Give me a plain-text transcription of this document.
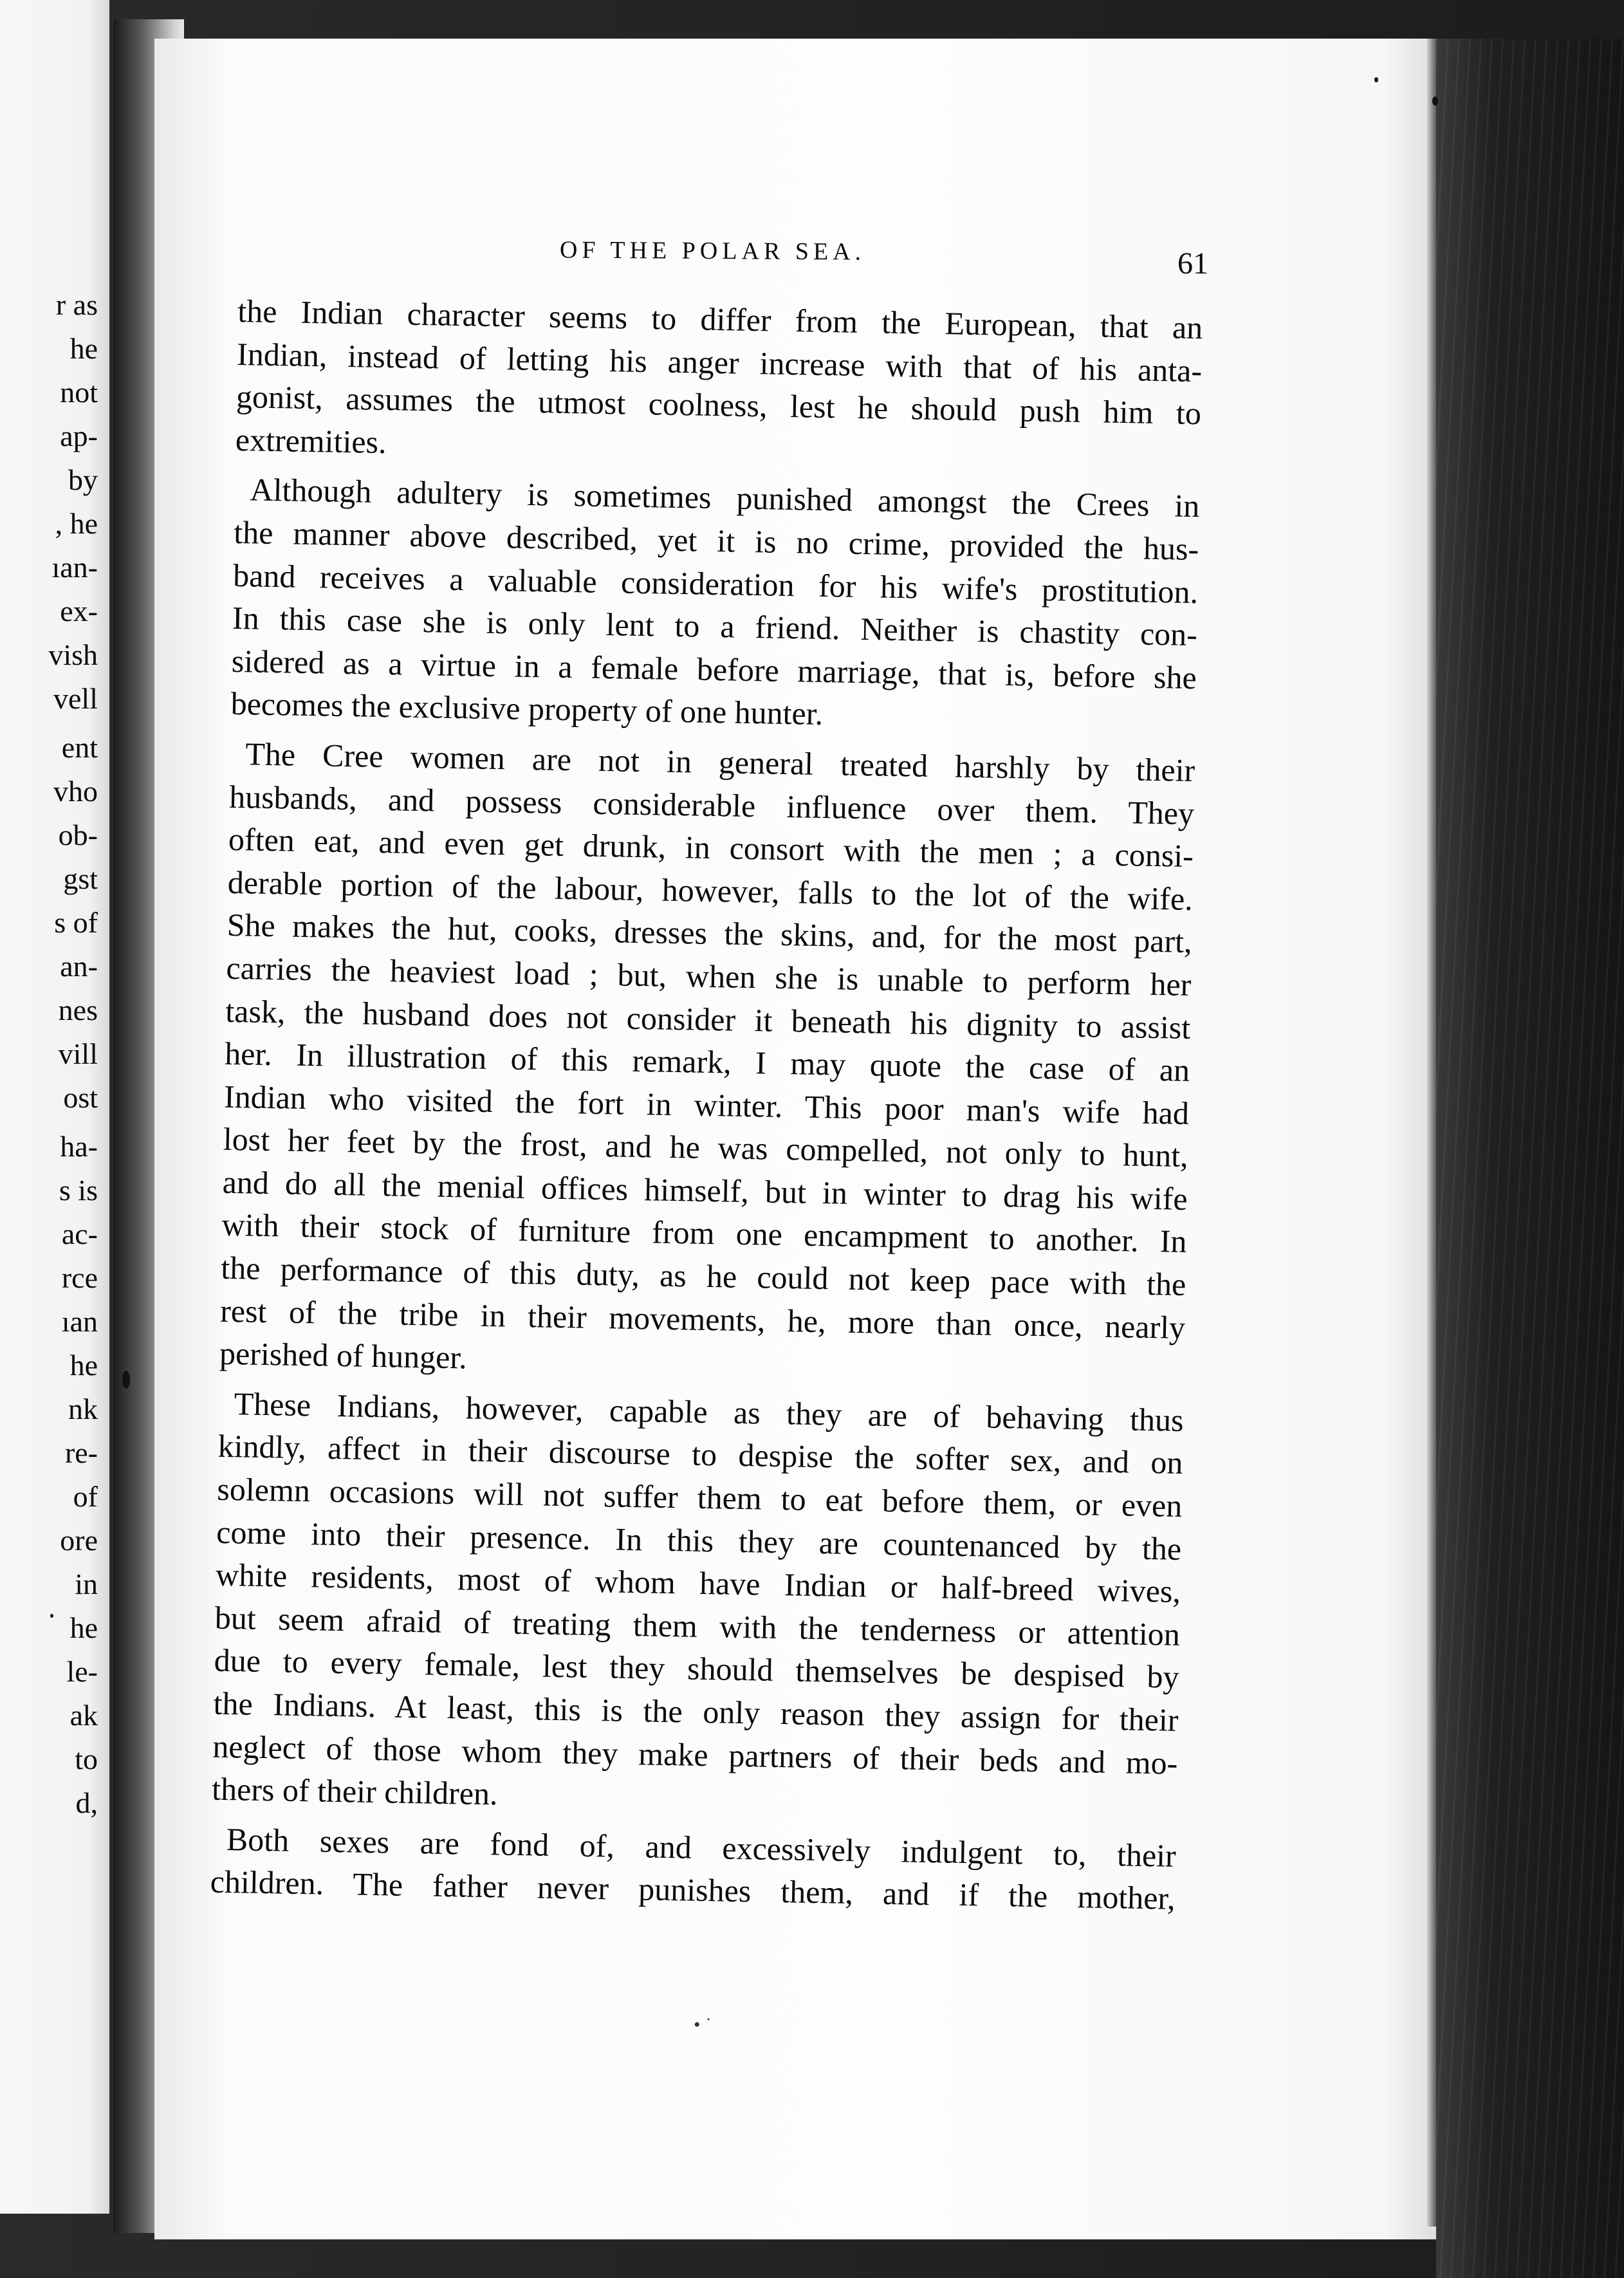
r as
he
not
ap-
by
, he
ıan-
ex-
vish
vell
ent
vho
ob-
gst
s of
an-
nes
vill
ost
ha-
s is
ac-
rce
ıan
he
nk
re-
of
ore
in
he
le-
ak
to
d,
OF THE POLAR SEA.	61
the Indian character seems to differ from the European, that an
Indian, instead of letting his anger increase with that of his anta-
gonist, assumes the utmost coolness, lest he should push him to
extremities.
Although adultery is sometimes punished amongst the Crees in
the manner above described, yet it is no crime, provided the hus-
band receives a valuable consideration for his wife's prostitution.
In this case she is only lent to a friend. Neither is chastity con-
sidered as a virtue in a female before marriage, that is, before she
becomes the exclusive property of one hunter.
The Cree women are not in general treated harshly by their
husbands, and possess considerable influence over them. They
often eat, and even get drunk, in consort with the men ; a consi-
derable portion of the labour, however, falls to the lot of the wife.
She makes the hut, cooks, dresses the skins, and, for the most part,
carries the heaviest load ; but, when she is unable to perform her
task, the husband does not consider it beneath his dignity to assist
her. In illustration of this remark, I may quote the case of an
Indian who visited the fort in winter. This poor man's wife had
lost her feet by the frost, and he was compelled, not only to hunt,
and do all the menial offices himself, but in winter to drag his wife
with their stock of furniture from one encampment to another. In
the performance of this duty, as he could not keep pace with the
rest of the tribe in their movements, he, more than once, nearly
perished of hunger.
These Indians, however, capable as they are of behaving thus
kindly, affect in their discourse to despise the softer sex, and on
solemn occasions will not suffer them to eat before them, or even
come into their presence. In this they are countenanced by the
white residents, most of whom have Indian or half-breed wives,
but seem afraid of treating them with the tenderness or attention
due to every female, lest they should themselves be despised by
the Indians. At least, this is the only reason they assign for their
neglect of those whom they make partners of their beds and mo-
thers of their children.
Both sexes are fond of, and excessively indulgent to, their
children. The father never punishes them, and if the mother,
• ˙
